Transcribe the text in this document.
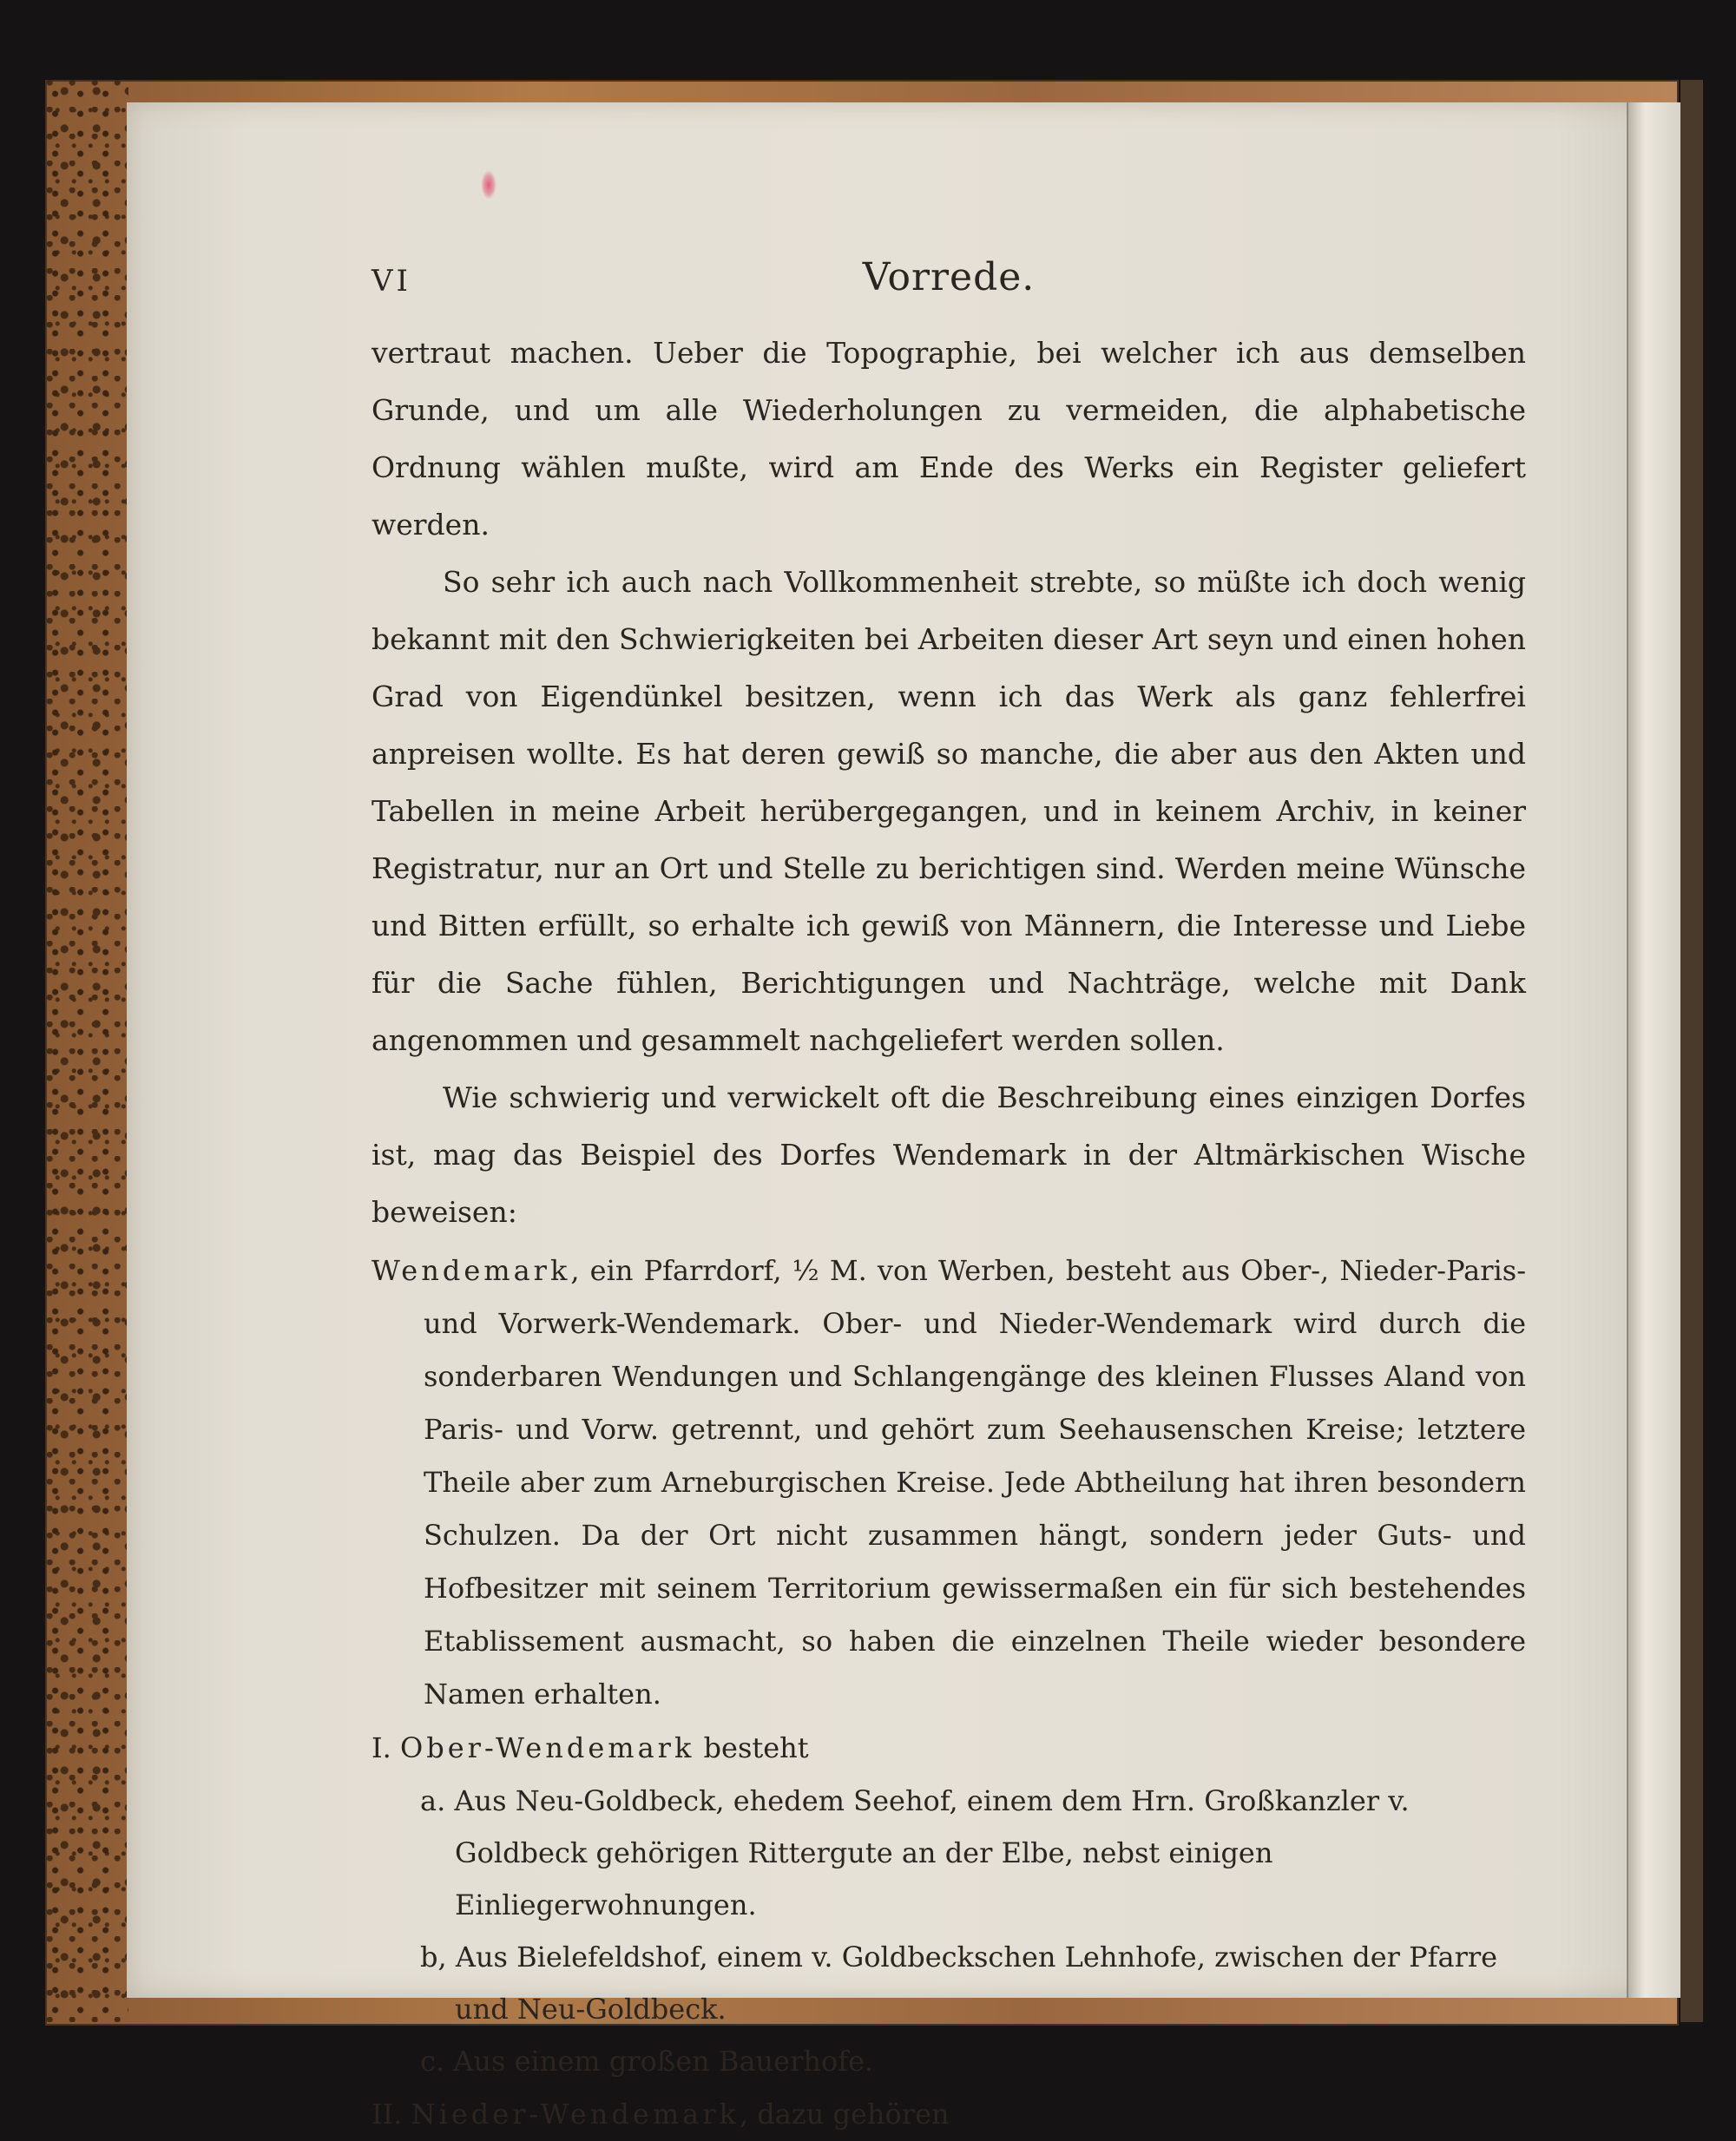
VI	Vorrede.

vertraut machen. Ueber die Topographie, bei welcher ich aus demselben Grunde, und um alle Wiederholungen zu vermeiden, die alphabetische Ordnung wählen mußte, wird am Ende des Werks ein Register geliefert werden.

So sehr ich auch nach Vollkommenheit strebte, so müßte ich doch wenig bekannt mit den Schwierigkeiten bei Arbeiten dieser Art seyn und einen hohen Grad von Eigendünkel besitzen, wenn ich das Werk als ganz fehlerfrei anpreisen wollte. Es hat deren gewiß so manche, die aber aus den Akten und Tabellen in meine Arbeit herübergegangen, und in keinem Archiv, in keiner Registratur, nur an Ort und Stelle zu berichtigen sind. Werden meine Wünsche und Bitten erfüllt, so erhalte ich gewiß von Männern, die Interesse und Liebe für die Sache fühlen, Berichtigungen und Nachträge, welche mit Dank angenommen und gesammelt nachgeliefert werden sollen.

Wie schwierig und verwickelt oft die Beschreibung eines einzigen Dorfes ist, mag das Beispiel des Dorfes Wendemark in der Altmärkischen Wische beweisen:

Wendemark, ein Pfarrdorf, ½ M. von Werben, besteht aus Ober-, Nieder-Paris- und Vorwerk-Wendemark. Ober- und Nieder-Wendemark wird durch die sonderbaren Wendungen und Schlangengänge des kleinen Flusses Aland von Paris- und Vorw. getrennt, und gehört zum Seehausenschen Kreise; letztere Theile aber zum Arneburgischen Kreise. Jede Abtheilung hat ihren besondern Schulzen. Da der Ort nicht zusammen hängt, sondern jeder Guts- und Hofbesitzer mit seinem Territorium gewissermaßen ein für sich bestehendes Etablissement ausmacht, so haben die einzelnen Theile wieder besondere Namen erhalten.

I. Ober-Wendemark besteht

a. Aus Neu-Goldbeck, ehedem Seehof, einem dem Hrn. Großkanzler v. Goldbeck gehörigen Rittergute an der Elbe, nebst einigen Einliegerwohnungen.

b, Aus Bielefeldshof, einem v. Goldbeckschen Lehnhofe, zwischen der Pfarre und Neu-Goldbeck.

c. Aus einem großen Bauerhofe.

II. Nieder-Wendemark, dazu gehören
